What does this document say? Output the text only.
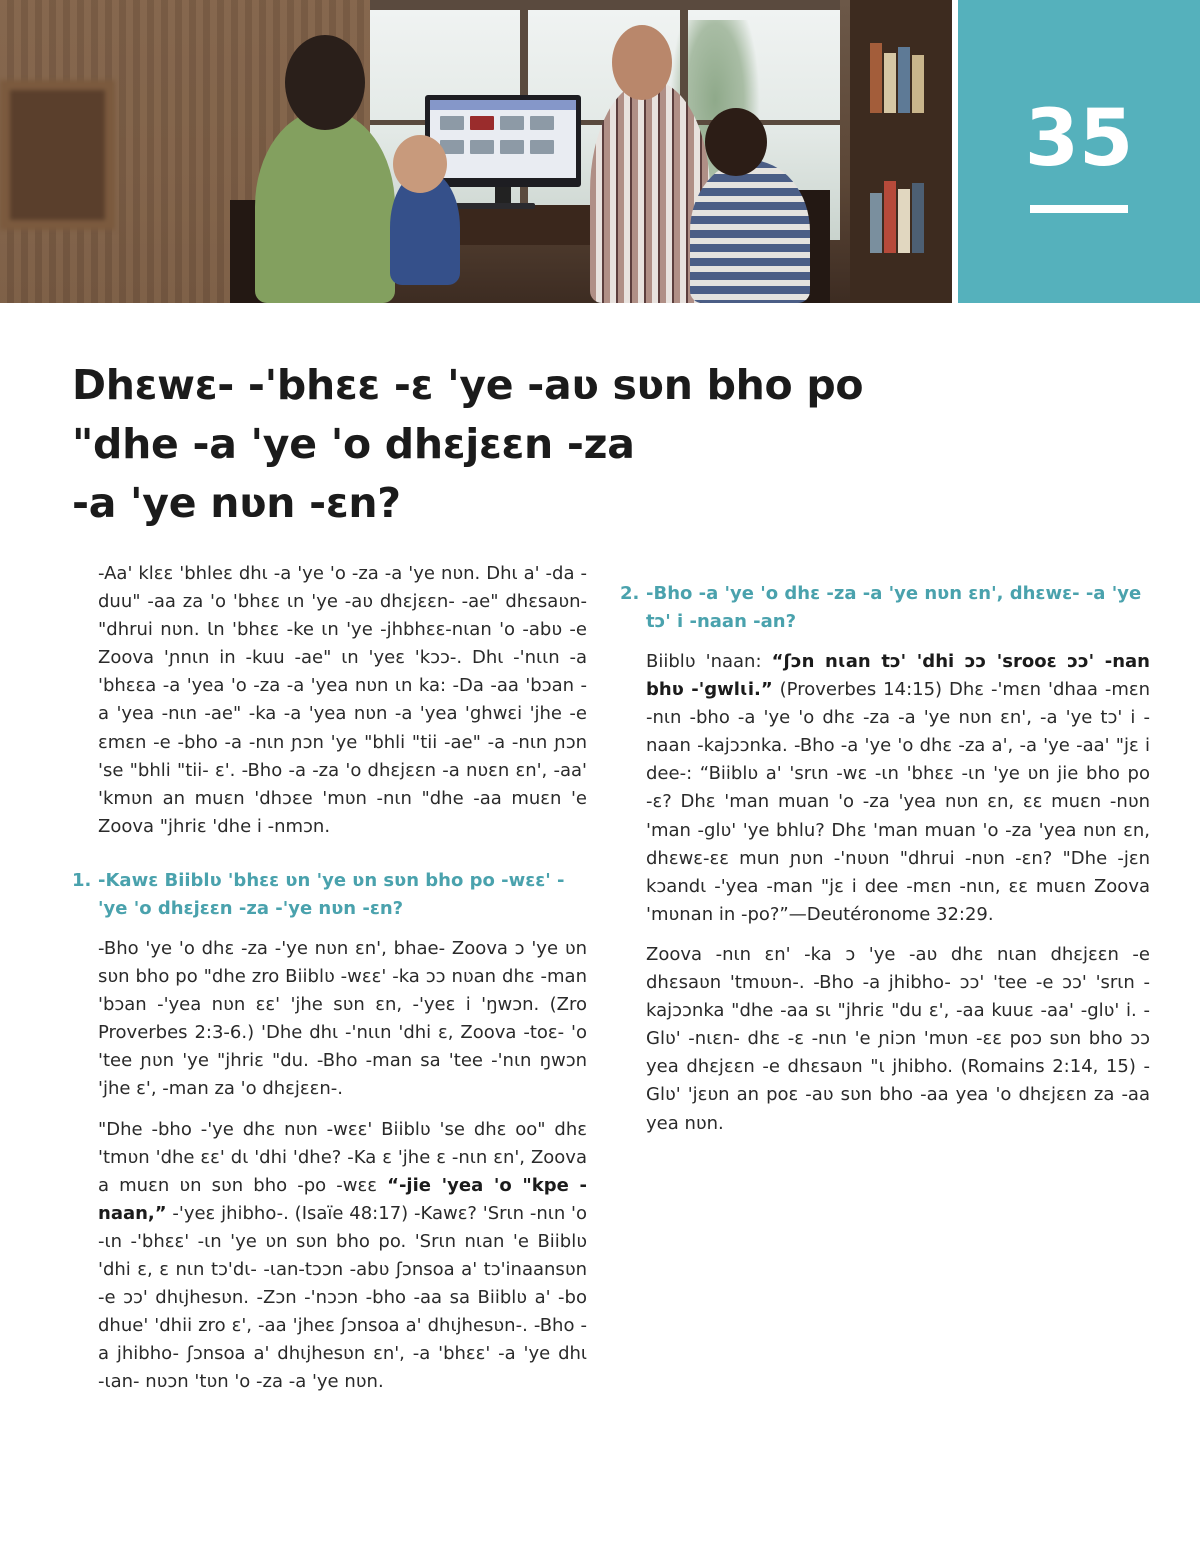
35
Dhɛwɛ- -'bhɛɛ -ɛ 'ye -aʋ sʋn bho po
"dhe -a 'ye 'o dhɛjɛɛn -za
-a 'ye nʋn -ɛn?

-Aa' klɛɛ 'bhleɛ dhɩ -a 'ye 'o -za -a 'ye nʋn. Dhɩ a' -da -duu" -aa za 'o 'bhɛɛ ɩn 'ye -aʋ dhɛjɛɛn- -ae" dhɛsaʋn- "dhrui nʋn. Ɩn 'bhɛɛ -ke ɩn 'ye -jhbhɛɛ-nɩan 'o -abʋ -e Zoova 'ɲnɩn in -kuu -ae" ɩn 'yeɛ 'kɔɔ-. Dhɩ -'nɩɩn -a 'bhɛɛa -a 'yea 'o -za -a 'yea nʋn ɩn ka: -Da -aa 'bɔan -a 'yea -nɩn -ae" -ka -a 'yea nʋn -a 'yea 'ghwɛi 'jhe -e ɛmɛn -e -bho -a -nɩn ɲɔn 'ye "bhli "tii -ae" -a -nɩn ɲɔn 'se "bhli "tii- ɛ'. -Bho -a -za 'o dhɛjɛɛn -a nʋɛn ɛn', -aa' 'kmʋn an muɛn 'dhɔɛe 'mʋn -nɩn "dhe -aa muɛn 'e Zoova "jhriɛ 'dhe i -nmɔn.

1. -Kawɛ Biiblʋ 'bhɛɛ ʋn 'ye ʋn sʋn bho po -wɛɛ' -'ye 'o dhɛjɛɛn -za -'ye nʋn -ɛn?

-Bho 'ye 'o dhɛ -za -'ye nʋn ɛn', bhae- Zoova ɔ 'ye ʋn sʋn bho po "dhe zro Biiblʋ -wɛɛ' -ka ɔɔ nʋan dhɛ -man 'bɔan -'yea nʋn ɛɛ' 'jhe sʋn ɛn, -'yeɛ i 'ŋwɔn. (Zro Proverbes 2:3-6.) 'Dhe dhɩ -'nɩɩn 'dhi ɛ, Zoova -toɛ- 'o 'tee ɲʋn 'ye "jhriɛ "du. -Bho -man sa 'tee -'nɩn ŋwɔn 'jhe ɛ', -man za 'o dhɛjɛɛn-.

"Dhe -bho -'ye dhɛ nʋn -wɛɛ' Biiblʋ 'se dhɛ oo" dhɛ 'tmʋn 'dhe ɛɛ' dɩ 'dhi 'dhe? -Ka ɛ 'jhe ɛ -nɩn ɛn', Zoova a muɛn ʋn sʋn bho -po -wɛɛ “-jie 'yea 'o "kpe -naan,” -'yeɛ jhibho-. (Isaïe 48:17) -Kawɛ? 'Srɩn -nɩn 'o -ɩn -'bhɛɛ' -ɩn 'ye ʋn sʋn bho po. 'Srɩn nɩan 'e Biiblʋ 'dhi ɛ, ɛ nɩn tɔ'dɩ- -ɩan-tɔɔn -abʋ ʃɔnsoa a' tɔ'inaansʋn -e ɔɔ' dhɩjhesʋn. -Zɔn -'nɔɔn -bho -aa sa Biiblʋ a' -bo dhue' 'dhii zro ɛ', -aa 'jheɛ ʃɔnsoa a' dhɩjhesʋn-. -Bho -a jhibho- ʃɔnsoa a' dhɩjhesʋn ɛn', -a 'bhɛɛ' -a 'ye dhɩ -ɩan- nʋɔn 'tʋn 'o -za -a 'ye nʋn.

2. -Bho -a 'ye 'o dhɛ -za -a 'ye nʋn ɛn', dhɛwɛ- -a 'ye tɔ' i -naan -an?

Biiblʋ 'naan: “ʃɔn nɩan tɔ' 'dhi ɔɔ 'srooɛ ɔɔ' -nan bhʋ -'gwlɩi.” (Proverbes 14:15) Dhɛ -'mɛn 'dhaa -mɛn -nɩn -bho -a 'ye 'o dhɛ -za -a 'ye nʋn ɛn', -a 'ye tɔ' i -naan -kajɔɔnka. -Bho -a 'ye 'o dhɛ -za a', -a 'ye -aa' "jɛ i dee-: “Biiblʋ a' 'srɩn -wɛ -ɩn 'bhɛɛ -ɩn 'ye ʋn jie bho po -ɛ? Dhɛ 'man muan 'o -za 'yea nʋn ɛn, ɛɛ muɛn -nʋn 'man -glʋ' 'ye bhlu? Dhɛ 'man muan 'o -za 'yea nʋn ɛn, dhɛwɛ-ɛɛ mun ɲʋn -'nʋʋn "dhrui -nʋn -ɛn? "Dhe -jɛn kɔandɩ -'yea -man "jɛ i dee -mɛn -nɩn, ɛɛ muɛn Zoova 'mʋnan in -po?”—Deutéronome 32:29.

Zoova -nɩn ɛn' -ka ɔ 'ye -aʋ dhɛ nɩan dhɛjɛɛn -e dhɛsaʋn 'tmʋʋn-. -Bho -a jhibho- ɔɔ' 'tee -e ɔɔ' 'srɩn -kajɔɔnka "dhe -aa sɩ "jhriɛ "du ɛ', -aa kuuɛ -aa' -glʋ' i. -Glʋ' -nɩɛn- dhɛ -ɛ -nɩn 'e ɲiɔn 'mʋn -ɛɛ poɔ sʋn bho ɔɔ yea dhɛjɛɛn -e dhɛsaʋn "ɩ jhibho. (Romains 2:14, 15) -Glʋ' 'jɛʋn an poɛ -aʋ sʋn bho -aa yea 'o dhɛjɛɛn za -aa yea nʋn.
